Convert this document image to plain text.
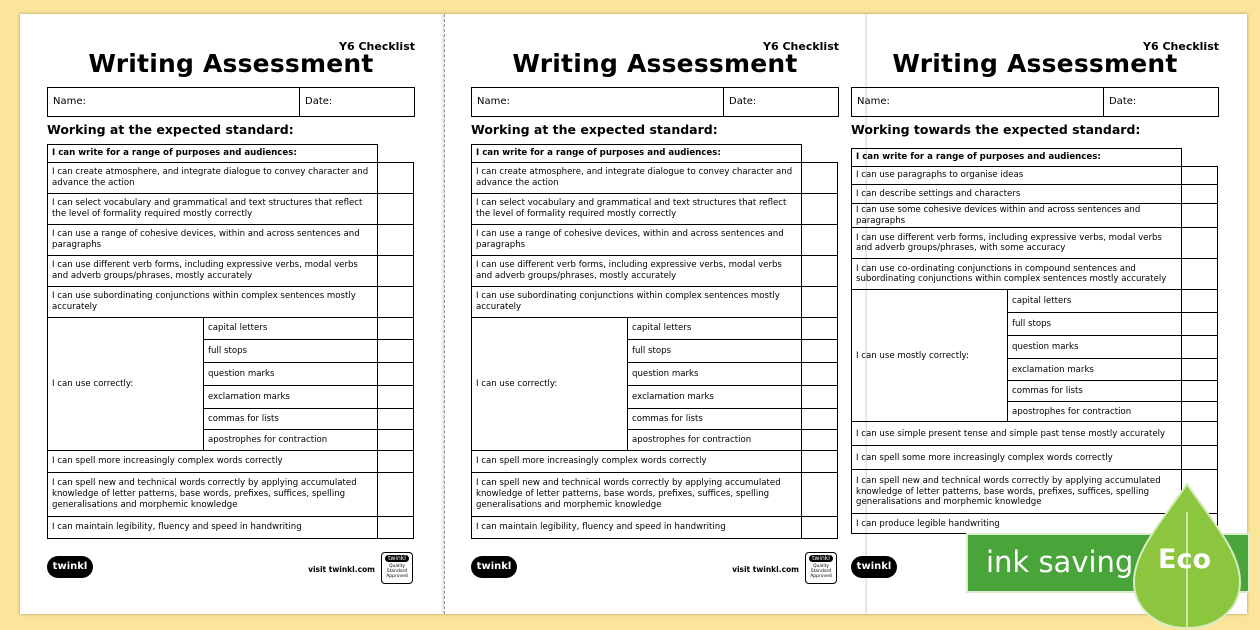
Y6 Checklist
Writing Assessment
Name:	Date:
Working at the expected standard:
I can write for a range of purposes and audiences:		
I can create atmosphere, and integrate dialogue to convey character and advance the action		
I can select vocabulary and grammatical and text structures that reflect the level of formality required mostly correctly		
I can use a range of cohesive devices, within and across sentences and paragraphs		
I can use different verb forms, including expressive verbs, modal verbs and adverb groups/phrases, mostly accurately		
I can use subordinating conjunctions within complex sentences mostly accurately		
I can use correctly:	capital letters	
	full stops	
	question marks	
	exclamation marks	
	commas for lists	
	apostrophes for contraction	
I can spell more increasingly complex words correctly		
I can spell new and technical words correctly by applying accumulated knowledge of letter patterns, base words, prefixes, suffices, spelling generalisations and morphemic knowledge		
I can maintain legibility, fluency and speed in handwriting		
twinkl	visit twinkl.com
twinkl
Quality Standard Approved
Y6 Checklist
Writing Assessment
Name:	Date:
Working at the expected standard:
I can write for a range of purposes and audiences:		
I can create atmosphere, and integrate dialogue to convey character and advance the action		
I can select vocabulary and grammatical and text structures that reflect the level of formality required mostly correctly		
I can use a range of cohesive devices, within and across sentences and paragraphs		
I can use different verb forms, including expressive verbs, modal verbs and adverb groups/phrases, mostly accurately		
I can use subordinating conjunctions within complex sentences mostly accurately		
I can use correctly:	capital letters	
	full stops	
	question marks	
	exclamation marks	
	commas for lists	
	apostrophes for contraction	
I can spell more increasingly complex words correctly		
I can spell new and technical words correctly by applying accumulated knowledge of letter patterns, base words, prefixes, suffices, spelling generalisations and morphemic knowledge		
I can maintain legibility, fluency and speed in handwriting		
twinkl	visit twinkl.com
twinkl
Quality Standard Approved
Y6 Checklist
Writing Assessment
Name:	Date:
Working towards the expected standard:
I can write for a range of purposes and audiences:		
I can use paragraphs to organise ideas		
I can describe settings and characters		
I can use some cohesive devices within and across sentences and paragraphs		
I can use different verb forms, including expressive verbs, modal verbs and adverb groups/phrases, with some accuracy		
I can use co-ordinating conjunctions in compound sentences and subordinating conjunctions within complex sentences mostly accurately		
I can use mostly correctly:	capital letters	
	full stops	
	question marks	
	exclamation marks	
	commas for lists	
	apostrophes for contraction	
I can use simple present tense and simple past tense mostly accurately		
I can spell some more increasingly complex words correctly		
I can spell new and technical words correctly by applying accumulated knowledge of letter patterns, base words, prefixes, suffices, spelling generalisations and morphemic knowledge		
I can produce legible handwriting		
twinkl	ink saving Eco
